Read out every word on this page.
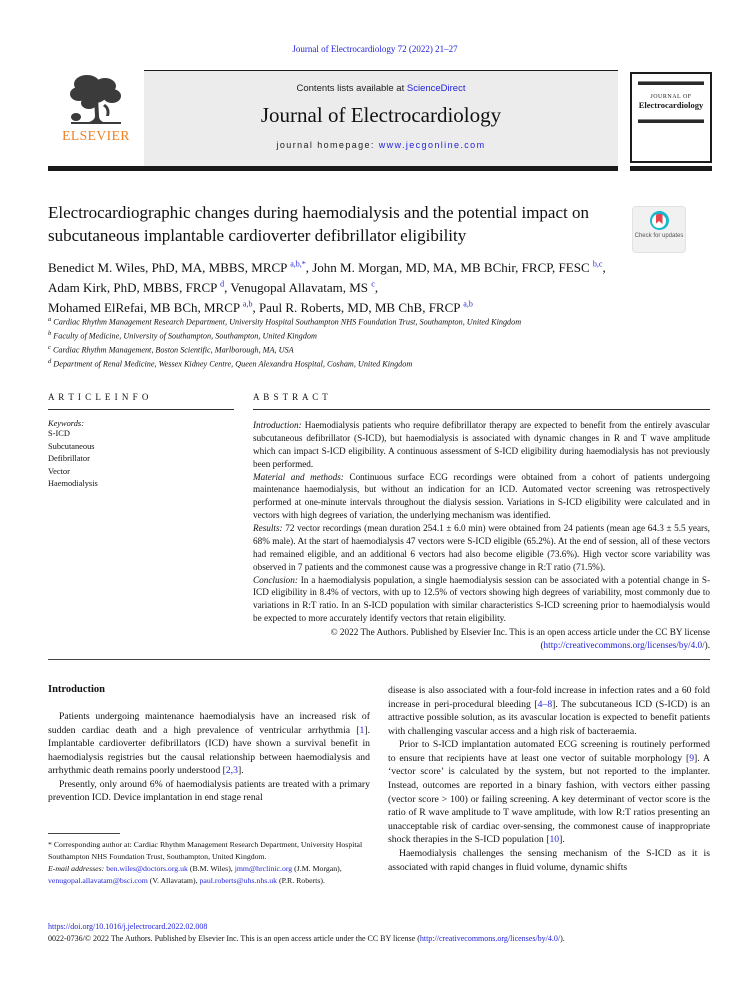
Journal of Electrocardiology 72 (2022) 21–27
ELSEVIER
Contents lists available at ScienceDirect
Journal of Electrocardiology
journal homepage: www.jecgonline.com
JOURNAL OF
Electrocardiology
Electrocardiographic changes during haemodialysis and the potential impact on subcutaneous implantable cardioverter defibrillator eligibility	Check for updates
Benedict M. Wiles, PhD, MA, MBBS, MRCP $^{a,b,*}$, John M. Morgan, MD, MA, MB BChir, FRCP, FESC $^{b,c}$,
Adam Kirk, PhD, MBBS, FRCP $^d$, Venugopal Allavatam, MS $^c$,
Mohamed ElRefai, MB BCh, MRCP $^{a,b}$, Paul R. Roberts, MD, MB ChB, FRCP $^{a,b}$

$^a$ Cardiac Rhythm Management Research Department, University Hospital Southampton NHS Foundation Trust, Southampton, United Kingdom

$^b$ Faculty of Medicine, University of Southampton, Southampton, United Kingdom

$^c$ Cardiac Rhythm Management, Boston Scientific, Marlborough, MA, USA

$^d$ Department of Renal Medicine, Wessex Kidney Centre, Queen Alexandra Hospital, Cosham, United Kingdom

A R T I C L E I N F O
Keywords:
S-ICD
Subcutaneous
Defibrillator
Vector
Haemodialysis
A B S T R A C T

Introduction: Haemodialysis patients who require defibrillator therapy are expected to benefit from the entirely avascular subcutaneous defibrillator (S-ICD), but haemodialysis is associated with dynamic changes in R and T wave amplitude which can impact S-ICD eligibility. A continuous assessment of S-ICD eligibility during haemodialysis has not previously been performed.

Material and methods: Continuous surface ECG recordings were obtained from a cohort of patients undergoing maintenance haemodialysis, but without an indication for an ICD. Automated vector screening was retrospectively performed at one-minute intervals throughout the dialysis session. Variations in S-ICD eligibility were calculated and in vectors with high degrees of variation, the underlying mechanism was identified.

Results: 72 vector recordings (mean duration 254.1 ± 6.0 min) were obtained from 24 patients (mean age 64.3 ± 5.5 years, 68% male). At the start of haemodialysis 47 vectors were S-ICD eligible (65.2%). At the end of session, all of these vectors had remained eligible, and an additional 6 vectors had also become eligible (73.6%). High vector score variability was observed in 7 patients and the commonest cause was a progressive change in R:T ratio (71.5%).

Conclusion: In a haemodialysis population, a single haemodialysis session can be associated with a potential change in S-ICD eligibility in 8.4% of vectors, with up to 12.5% of vectors showing high degrees of variability, most commonly due to variations in R:T ratio. In an S-ICD population with similar characteristics S-ICD screening prior to haemodialysis would be expected to more accurately identify vectors that retain eligibility.

© 2022 The Authors. Published by Elsevier Inc. This is an open access article under the CC BY license (http://creativecommons.org/licenses/by/4.0/).
Introduction

Patients undergoing maintenance haemodialysis have an increased risk of sudden cardiac death and a high prevalence of ventricular arrhythmia [1]. Implantable cardioverter defibrillators (ICD) have shown a survival benefit in haemodialysis registries but the causal relationship between haemodialysis and arrhythmic death remains poorly understood [2,3].

Presently, only around 6% of haemodialysis patients are treated with a primary prevention ICD. Device implantation in end stage renal

disease is also associated with a four-fold increase in infection rates and a 60 fold increase in peri-procedural bleeding [4–8]. The subcutaneous ICD (S-ICD) is an attractive possible solution, as its avascular location is expected to benefit patients with challenging vascular access and a high risk of bacteraemia.

Prior to S-ICD implantation automated ECG screening is routinely performed to ensure that recipients have at least one vector of suitable morphology [9]. A ‘vector score’ is calculated by the system, but not reported to the implanter. Instead, outcomes are reported in a binary fashion, with vectors either passing (vector score > 100) or failing screening. A key determinant of vector score is the ratio of R wave amplitude to T wave amplitude, with low R:T ratios presenting an unacceptable risk of cardiac over-sensing, the commonest cause of inappropriate shock therapies in the S-ICD population [10].

Haemodialysis challenges the sensing mechanism of the S-ICD as it is associated with rapid changes in fluid volume, dynamic shifts

* Corresponding author at: Cardiac Rhythm Management Research Department, University Hospital Southampton NHS Foundation Trust, Southampton, United Kingdom.
E-mail addresses: ben.wiles@doctors.org.uk (B.M. Wiles), jmm@hrclinic.org (J.M. Morgan), venugopal.allavatam@bsci.com (V. Allavatam), paul.roberts@uhs.nhs.uk (P.R. Roberts).
https://doi.org/10.1016/j.jelectrocard.2022.02.008
0022-0736/© 2022 The Authors. Published by Elsevier Inc. This is an open access article under the CC BY license (http://creativecommons.org/licenses/by/4.0/).
